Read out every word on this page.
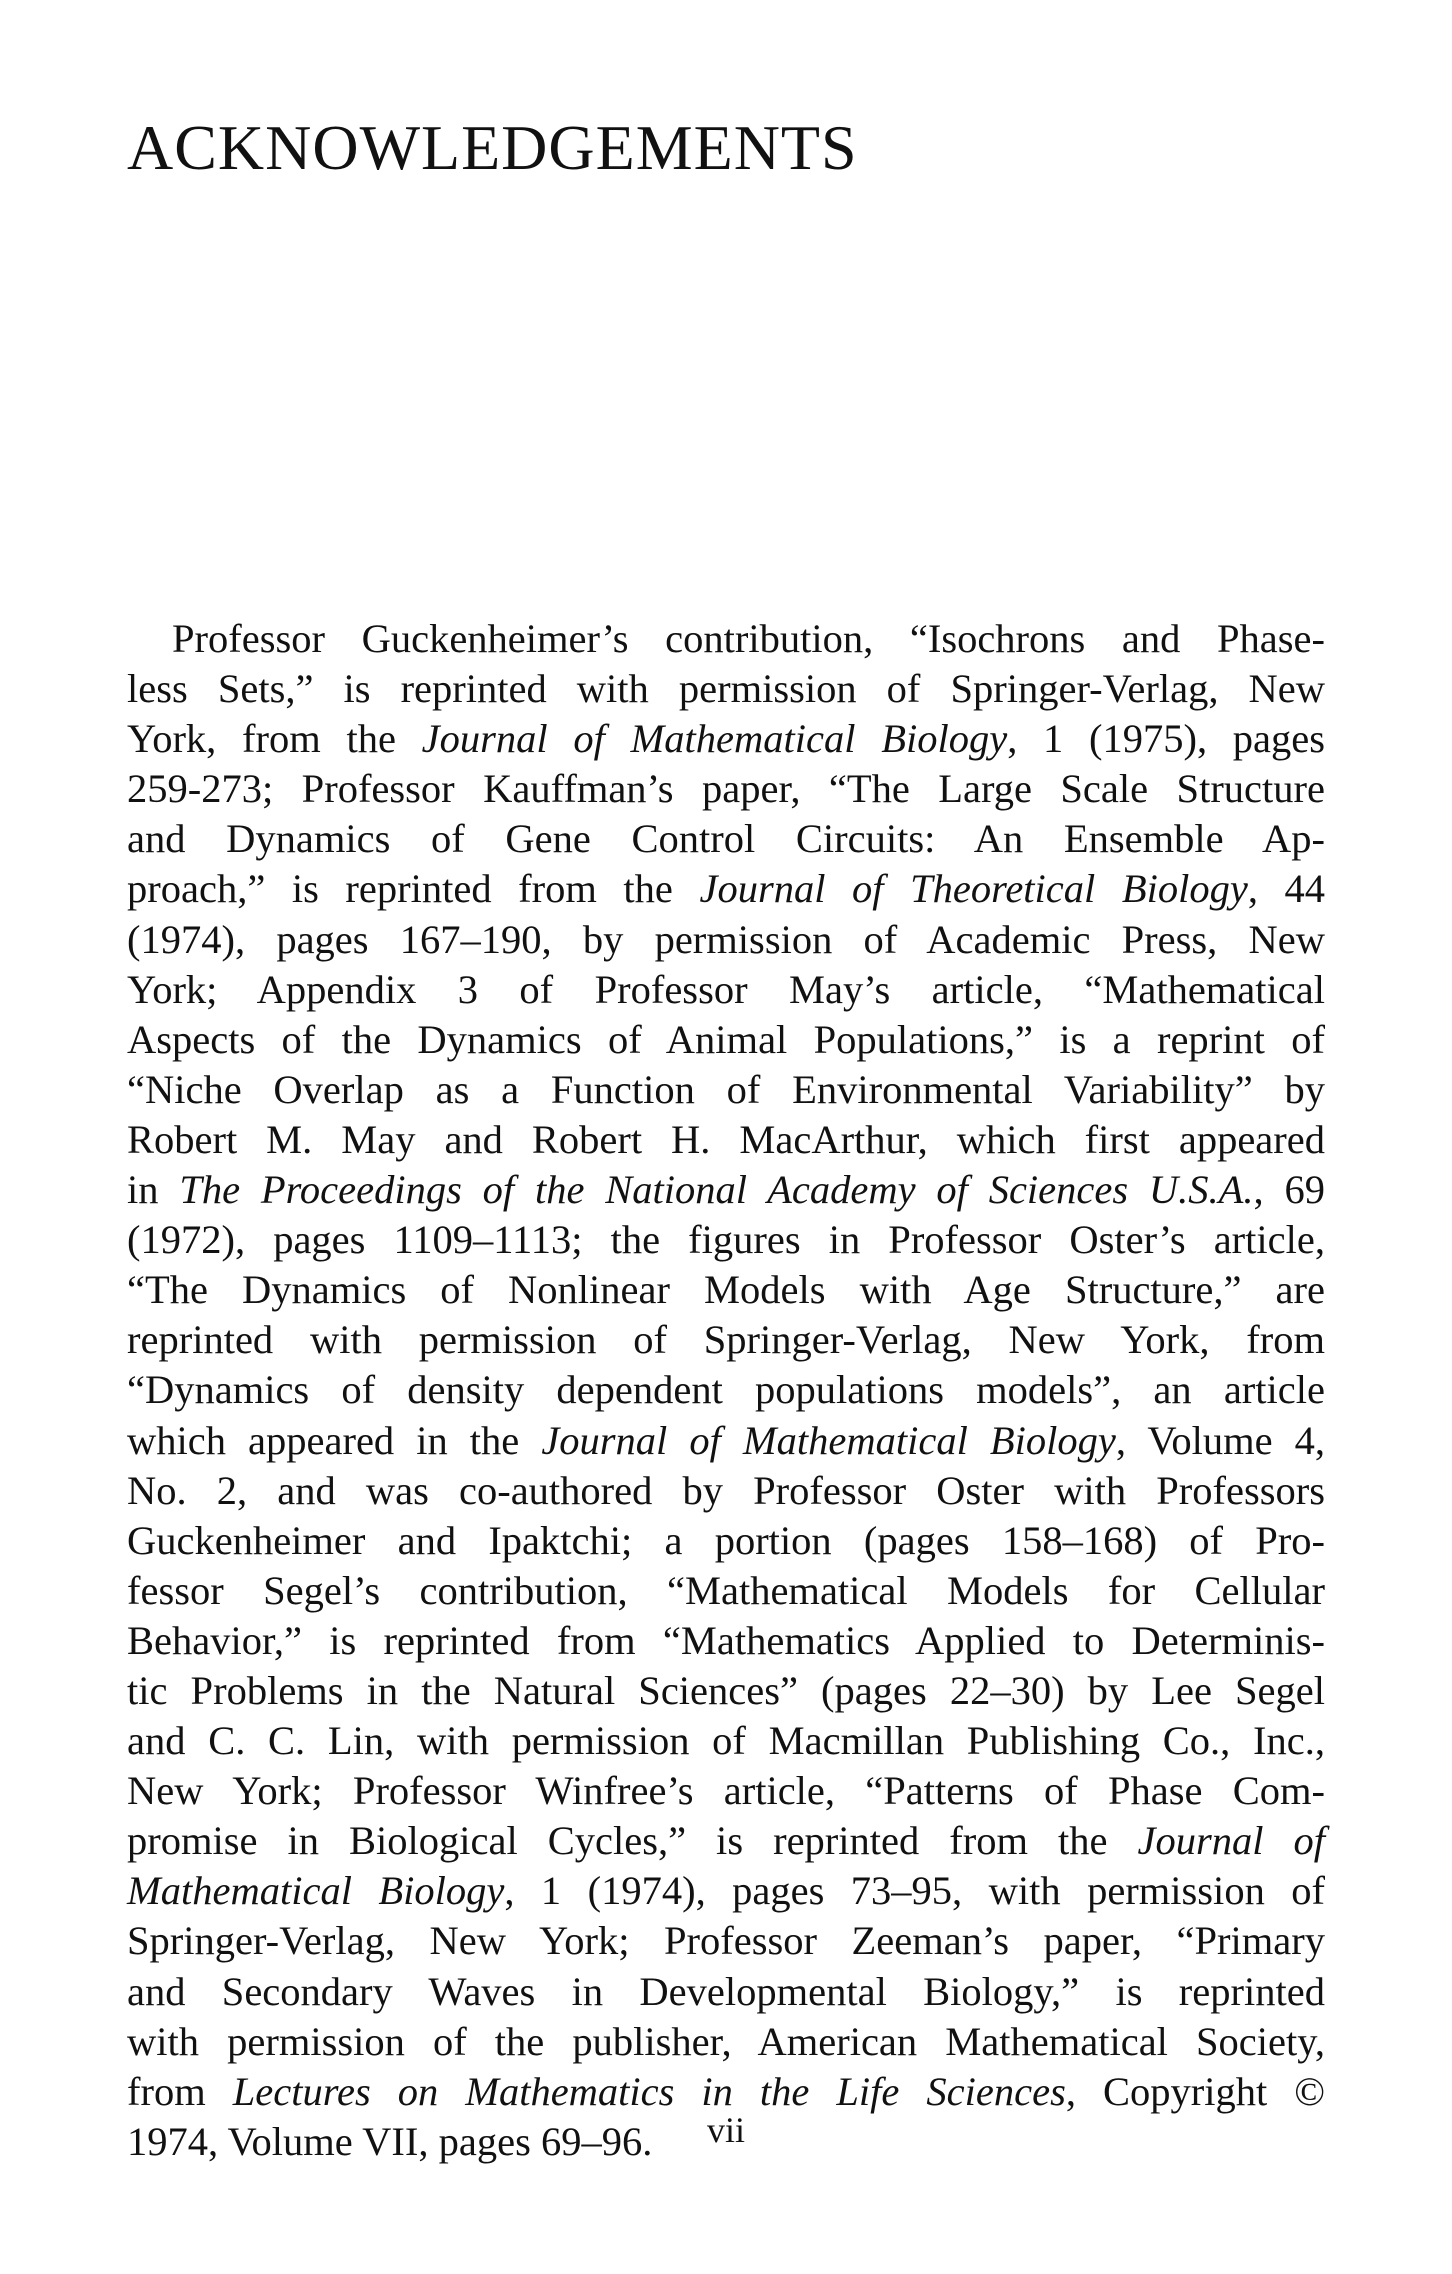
ACKNOWLEDGEMENTS
Professor Guckenheimer’s contribution, “Isochrons and Phase-
less Sets,” is reprinted with permission of Springer-Verlag, New
York, from the Journal of Mathematical Biology, 1 (1975), pages
259-273; Professor Kauffman’s paper, “The Large Scale Structure
and Dynamics of Gene Control Circuits: An Ensemble Ap-
proach,” is reprinted from the Journal of Theoretical Biology, 44
(1974), pages 167–190, by permission of Academic Press, New
York; Appendix 3 of Professor May’s article, “Mathematical
Aspects of the Dynamics of Animal Populations,” is a reprint of
“Niche Overlap as a Function of Environmental Variability” by
Robert M. May and Robert H. MacArthur, which first appeared
in The Proceedings of the National Academy of Sciences U.S.A., 69
(1972), pages 1109–1113; the figures in Professor Oster’s article,
“The Dynamics of Nonlinear Models with Age Structure,” are
reprinted with permission of Springer-Verlag, New York, from
“Dynamics of density dependent populations models”, an article
which appeared in the Journal of Mathematical Biology, Volume 4,
No. 2, and was co-authored by Professor Oster with Professors
Guckenheimer and Ipaktchi; a portion (pages 158–168) of Pro-
fessor Segel’s contribution, “Mathematical Models for Cellular
Behavior,” is reprinted from “Mathematics Applied to Determinis-
tic Problems in the Natural Sciences” (pages 22–30) by Lee Segel
and C. C. Lin, with permission of Macmillan Publishing Co., Inc.,
New York; Professor Winfree’s article, “Patterns of Phase Com-
promise in Biological Cycles,” is reprinted from the Journal of
Mathematical Biology, 1 (1974), pages 73–95, with permission of
Springer-Verlag, New York; Professor Zeeman’s paper, “Primary
and Secondary Waves in Developmental Biology,” is reprinted
with permission of the publisher, American Mathematical Society,
from Lectures on Mathematics in the Life Sciences, Copyright ©
1974, Volume VII, pages 69–96.	vii
